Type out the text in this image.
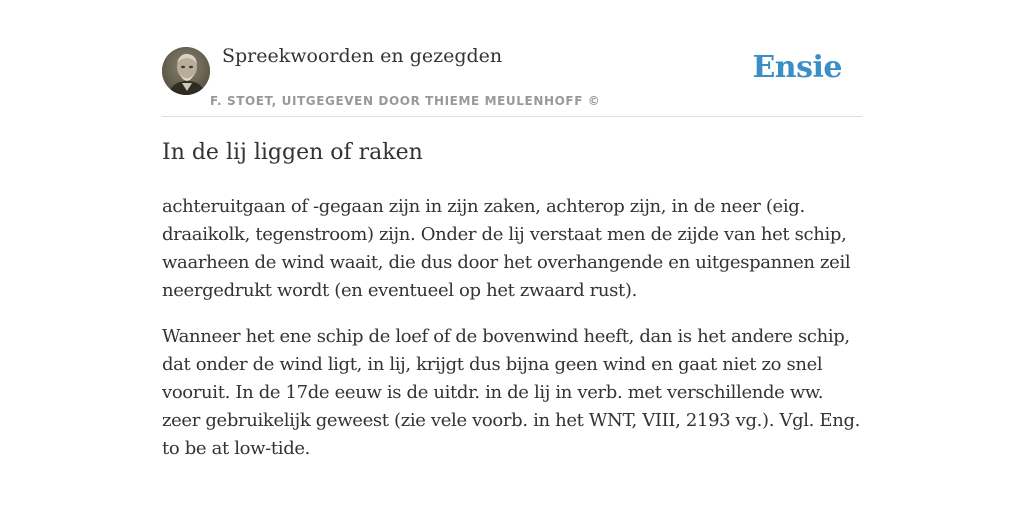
Spreekwoorden en gezegden
F. STOET, UITGEGEVEN DOOR THIEME MEULENHOFF ©
Ensie
In de lij liggen of raken

achteruitgaan of -gegaan zijn in zijn zaken, achterop zijn, in de neer (eig. draaikolk, tegenstroom) zijn. Onder de lij verstaat men de zijde van het schip, waarheen de wind waait, die dus door het overhangende en uitgespannen zeil neergedrukt wordt (en eventueel op het zwaard rust).

Wanneer het ene schip de loef of de bovenwind heeft, dan is het andere schip, dat onder de wind ligt, in lij, krijgt dus bijna geen wind en gaat niet zo snel vooruit. In de 17de eeuw is de uitdr. in de lij in verb. met verschillende ww. zeer gebruikelijk geweest (zie vele voorb. in het WNT, VIII, 2193 vg.). Vgl. Eng. to be at low-tide.
